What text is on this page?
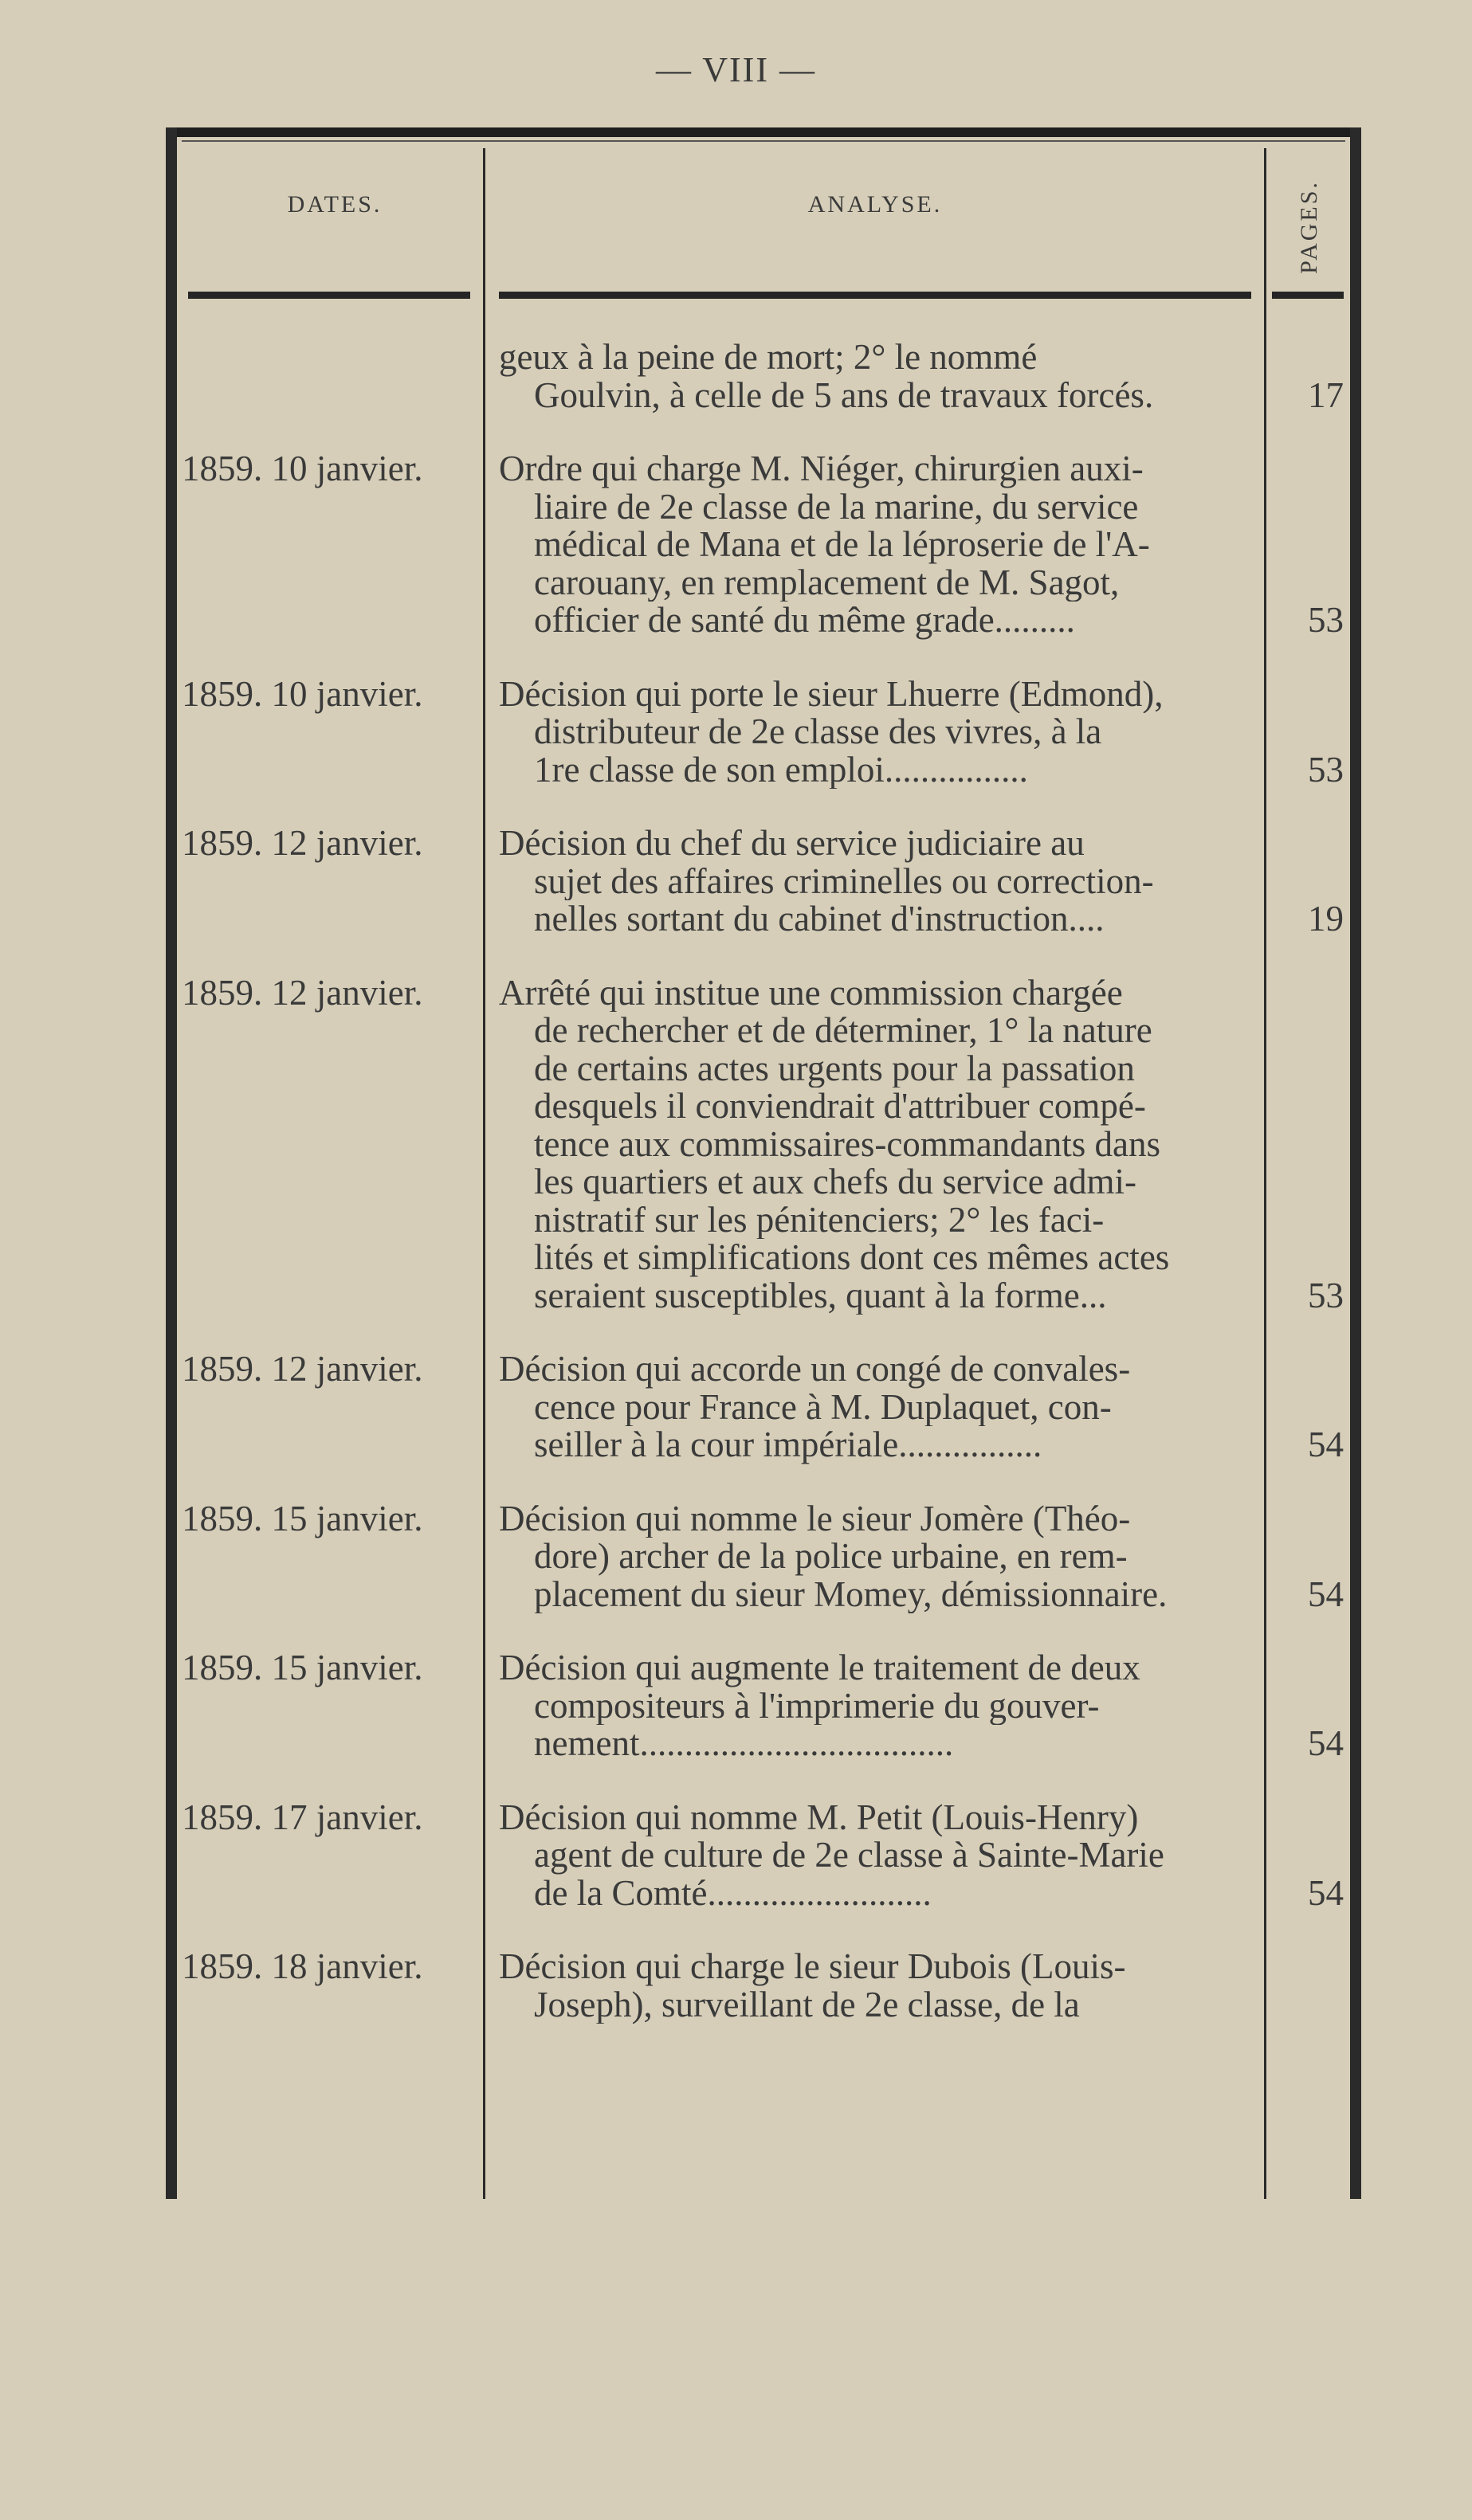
— VIII —
DATES.	ANALYSE.	PAGES.
geux à la peine de mort; 2° le nommé
Goulvin, à celle de 5 ans de travaux forcés.	17
1859. 10 janvier.	Ordre qui charge M. Niéger, chirurgien auxi-
liaire de 2e classe de la marine, du service
médical de Mana et de la léproserie de l'A-
carouany, en remplacement de M. Sagot,
officier de santé du même grade.........	53
1859. 10 janvier.	Décision qui porte le sieur Lhuerre (Edmond),
distributeur de 2e classe des vivres, à la
1re classe de son emploi................	53
1859. 12 janvier.	Décision du chef du service judiciaire au
sujet des affaires criminelles ou correction-
nelles sortant du cabinet d'instruction....	19
1859. 12 janvier.	Arrêté qui institue une commission chargée
de rechercher et de déterminer, 1° la nature
de certains actes urgents pour la passation
desquels il conviendrait d'attribuer compé-
tence aux commissaires-commandants dans
les quartiers et aux chefs du service admi-
nistratif sur les pénitenciers; 2° les faci-
lités et simplifications dont ces mêmes actes
seraient susceptibles, quant à la forme...	53
1859. 12 janvier.	Décision qui accorde un congé de convales-
cence pour France à M. Duplaquet, con-
seiller à la cour impériale................	54
1859. 15 janvier.	Décision qui nomme le sieur Jomère (Théo-
dore) archer de la police urbaine, en rem-
placement du sieur Momey, démissionnaire.	54
1859. 15 janvier.	Décision qui augmente le traitement de deux
compositeurs à l'imprimerie du gouver-
nement...................................	54
1859. 17 janvier.	Décision qui nomme M. Petit (Louis-Henry)
agent de culture de 2e classe à Sainte-Marie
de la Comté.........................	54
1859. 18 janvier.	Décision qui charge le sieur Dubois (Louis-
Joseph), surveillant de 2e classe, de la
